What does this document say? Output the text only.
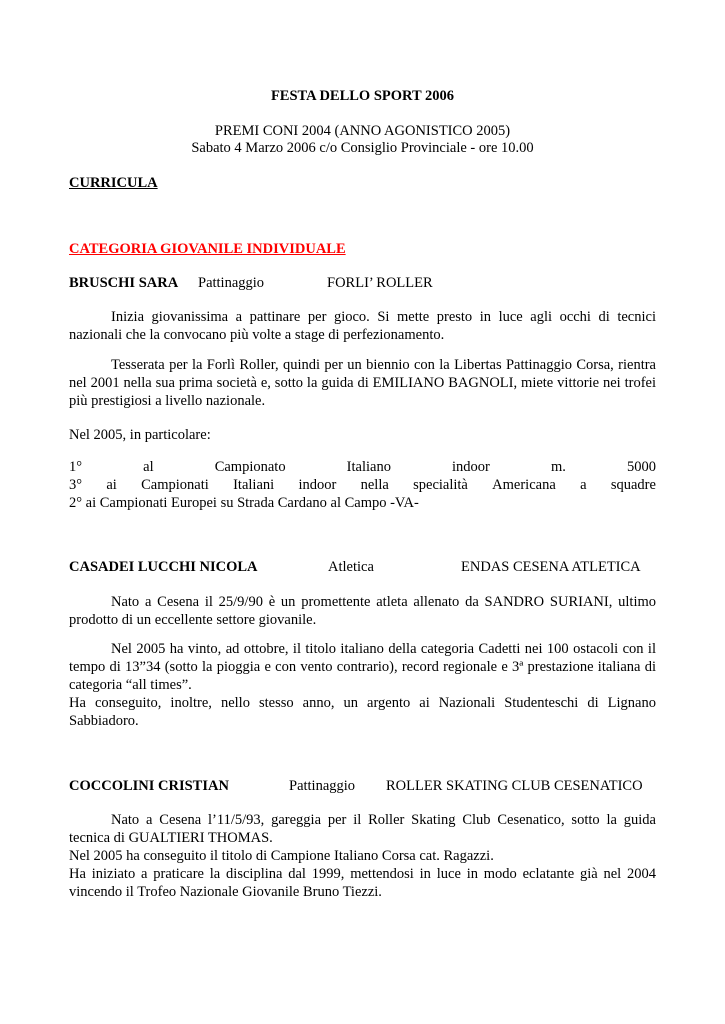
FESTA DELLO SPORT 2006
PREMI CONI 2004 (ANNO AGONISTICO 2005)
Sabato 4 Marzo 2006 c/o Consiglio Provinciale - ore 10.00
CURRICULA
CATEGORIA GIOVANILE INDIVIDUALE
BRUSCHI SARA Pattinaggio	FORLI’ ROLLER
Inizia giovanissima a pattinare per gioco. Si mette presto in luce agli occhi di tecnici nazionali che la convocano più volte a stage di perfezionamento.
Tesserata per la Forlì Roller, quindi per un biennio con la Libertas Pattinaggio Corsa, rientra nel 2001 nella sua prima società e, sotto la guida di EMILIANO BAGNOLI, miete vittorie nei trofei più prestigiosi a livello nazionale.
Nel 2005, in particolare:
1°	al	Campionato	Italiano	indoor	m.	5000
3° ai Campionati Italiani indoor nella specialità Americana a squadre
2° ai Campionati Europei su Strada Cardano al Campo -VA-
CASADEI LUCCHI NICOLA	Atletica	ENDAS CESENA ATLETICA
Nato a Cesena il 25/9/90 è un promettente atleta allenato da SANDRO SURIANI, ultimo prodotto di un eccellente settore giovanile.
Nel 2005 ha vinto, ad ottobre, il titolo italiano della categoria Cadetti nei 100 ostacoli con il tempo di 13”34 (sotto la pioggia e con vento contrario), record regionale e 3ª prestazione italiana di categoria “all times”.
Ha conseguito, inoltre, nello stesso anno, un argento ai Nazionali Studenteschi di Lignano Sabbiadoro.
COCCOLINI CRISTIAN	Pattinaggio ROLLER SKATING CLUB CESENATICO
Nato a Cesena l’11/5/93, gareggia per il Roller Skating Club Cesenatico, sotto la guida tecnica di GUALTIERI THOMAS.
Nel 2005 ha conseguito il titolo di Campione Italiano Corsa cat. Ragazzi.
Ha iniziato a praticare la disciplina dal 1999, mettendosi in luce in modo eclatante già nel 2004 vincendo il Trofeo Nazionale Giovanile Bruno Tiezzi.
